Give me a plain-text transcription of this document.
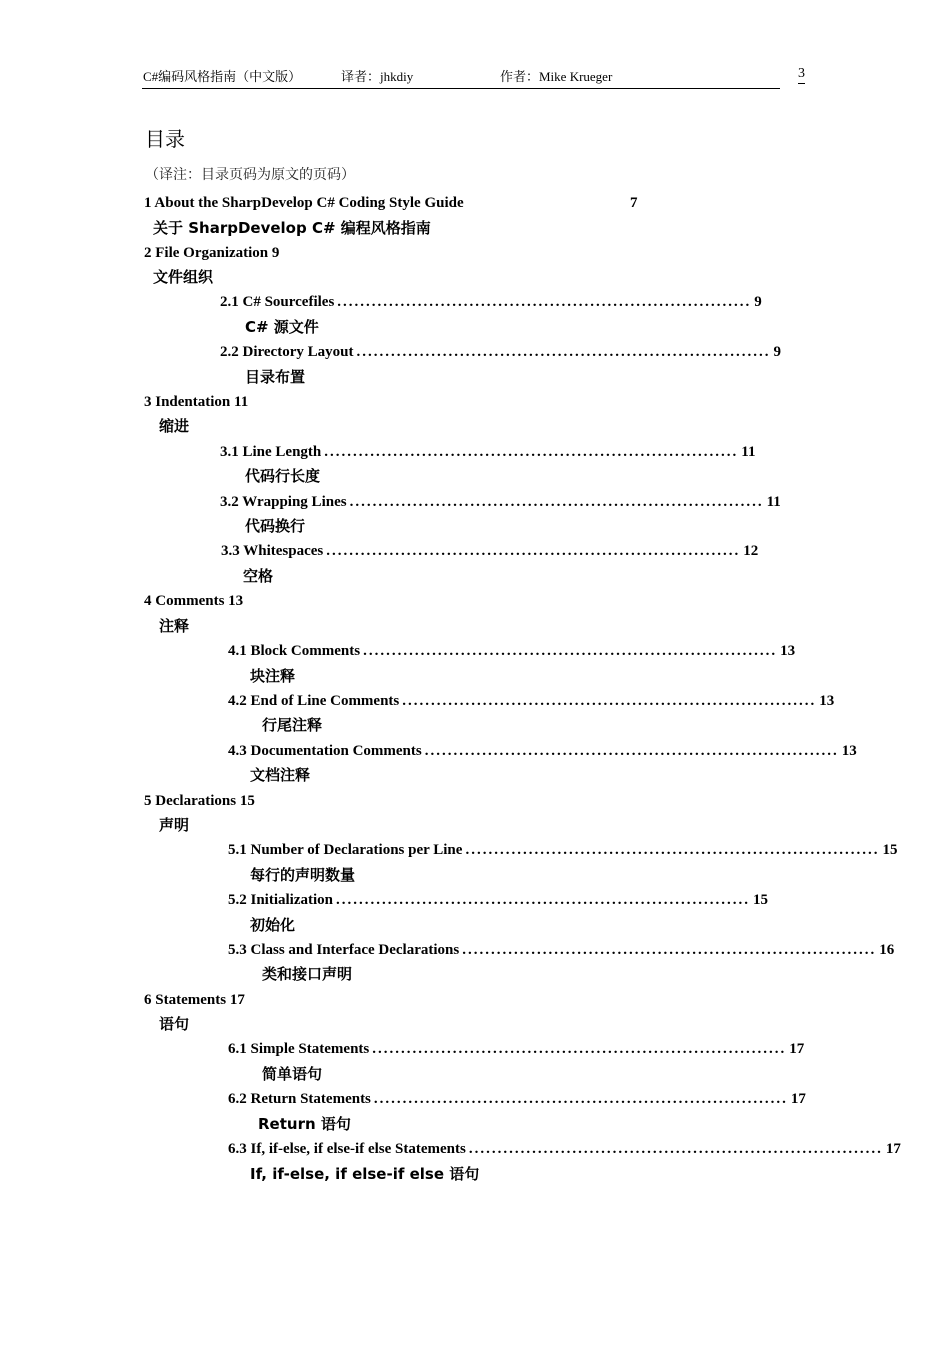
C#编码风格指南（中文版）	译者：jhkdiy	作者：Mike Krueger	3
目录
（译注：目录页码为原文的页码）
1 About the SharpDevelop C# Coding Style Guide	7
关于 SharpDevelop C# 编程风格指南
2 File Organization 9
文件组织
2.1 C# Sourcefiles ........................................................................ 9
C# 源文件
2.2 Directory Layout ........................................................................ 9
目录布置
3 Indentation 11
缩进
3.1 Line Length ........................................................................ 11
代码行长度
3.2 Wrapping Lines ........................................................................ 11
代码换行
3.3 Whitespaces ........................................................................ 12
空格
4 Comments 13
注释
4.1 Block Comments ........................................................................ 13
块注释
4.2 End of Line Comments ........................................................................ 13
行尾注释
4.3 Documentation Comments ........................................................................ 13
文档注释
5 Declarations 15
声明
5.1 Number of Declarations per Line ........................................................................ 15
每行的声明数量
5.2 Initialization ........................................................................ 15
初始化
5.3 Class and Interface Declarations ........................................................................ 16
类和接口声明
6 Statements 17
语句
6.1 Simple Statements ........................................................................ 17
简单语句
6.2 Return Statements ........................................................................ 17
Return 语句
6.3 If, if-else, if else-if else Statements ........................................................................ 17
If, if-else, if else-if else 语句
